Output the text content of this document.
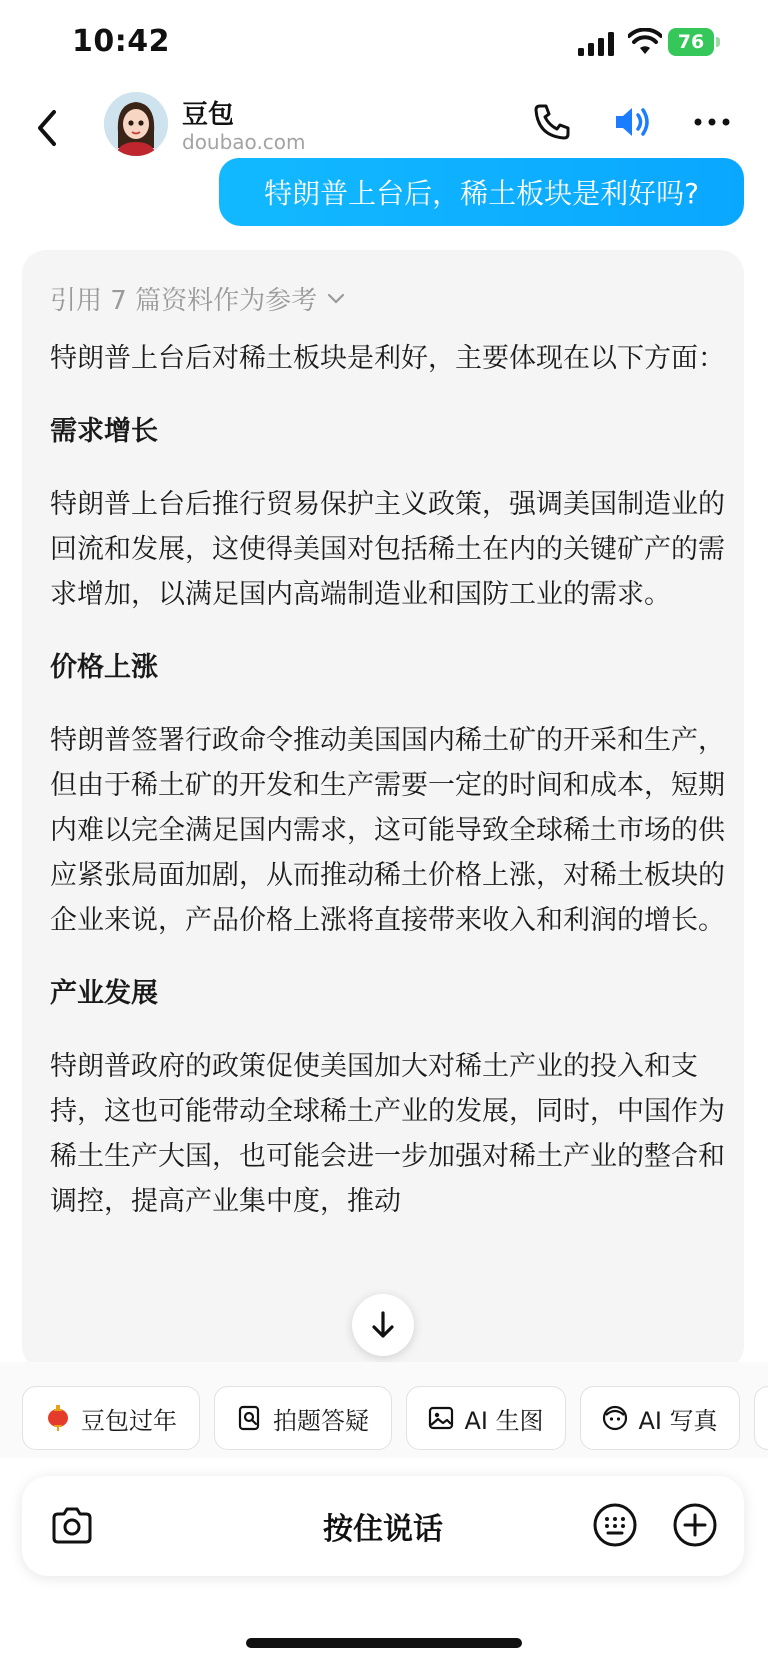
10:42	76
豆包
doubao.com
特朗普上台后，稀土板块是利好吗?
引用 7 篇资料作为参考

特朗普上台后对稀土板块是利好，主要体现在以下方面：

需求增长

特朗普上台后推行贸易保护主义政策，强调美国制造业的回流和发展，这使得美国对包括稀土在内的关键矿产的需求增加，以满足国内高端制造业和国防工业的需求。

价格上涨

特朗普签署行政命令推动美国国内稀土矿的开采和生产，但由于稀土矿的开发和生产需要一定的时间和成本，短期内难以完全满足国内需求，这可能导致全球稀土市场的供应紧张局面加剧，从而推动稀土价格上涨，对稀土板块的企业来说，产品价格上涨将直接带来收入和利润的增长。

产业发展

特朗普政府的政策促使美国加大对稀土产业的投入和支持，这也可能带动全球稀土产业的发展，同时，中国作为稀土生产大国，也可能会进一步加强对稀土产业的整合和调控，提高产业集中度，推动

豆包过年	拍题答疑	AI 生图	AI 写真
按住说话
